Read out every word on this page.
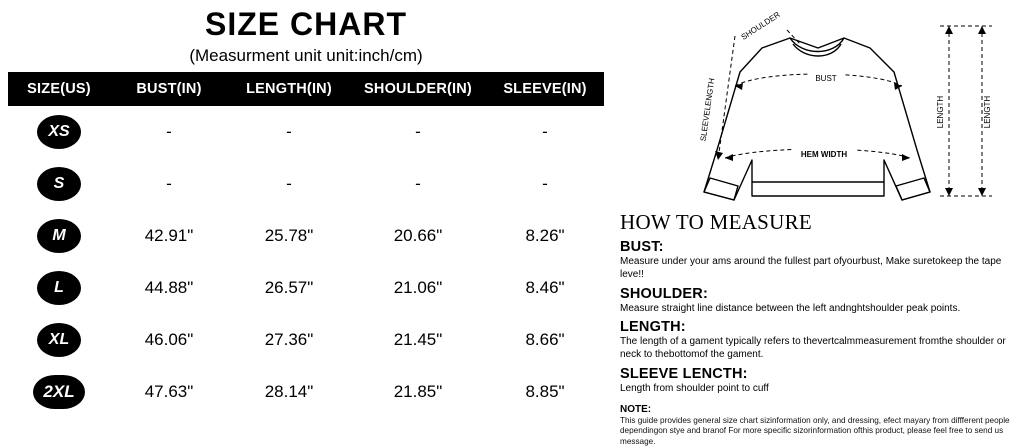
SIZE CHART
(Measurment unit unit:inch/cm)
SIZE(US)	BUST(IN)	LENGTH(IN)	SHOULDER(IN)	SLEEVE(IN)
XS	-	-	-	-
S	-	-	-	-
M	42.91"	25.78"	20.66"	8.26"
L	44.88"	26.57"	21.06"	8.46"
XL	46.06"	27.36"	21.45"	8.66"
2XL	47.63"	28.14"	21.85"	8.85"
BUST
HEM WIDTH
SHOULDER
SLEEVELENGTH	LENGTH	LENGTH
HOW TO MEASURE
BUST:

Measure under your ams around the fullest part ofyourbust, Make suretokeep the tape leve!!

SHOULDER:

Measure straight line distance between the left andnghtshoulder peak points.

LENGTH:

The length of a gament typically refers to thevertcalmmeasurement fromthe shoulder or neck to thebottomof the gament.

SLEEVE LENCTH:

Length from shoulder point to cuff

NOTE:
This guide provides general size chart sizinformation only, and dressing, efect mayary from diffferent people dependingon stye and branof For more specific sizorinformation ofthis product, please feel free to send us message.
